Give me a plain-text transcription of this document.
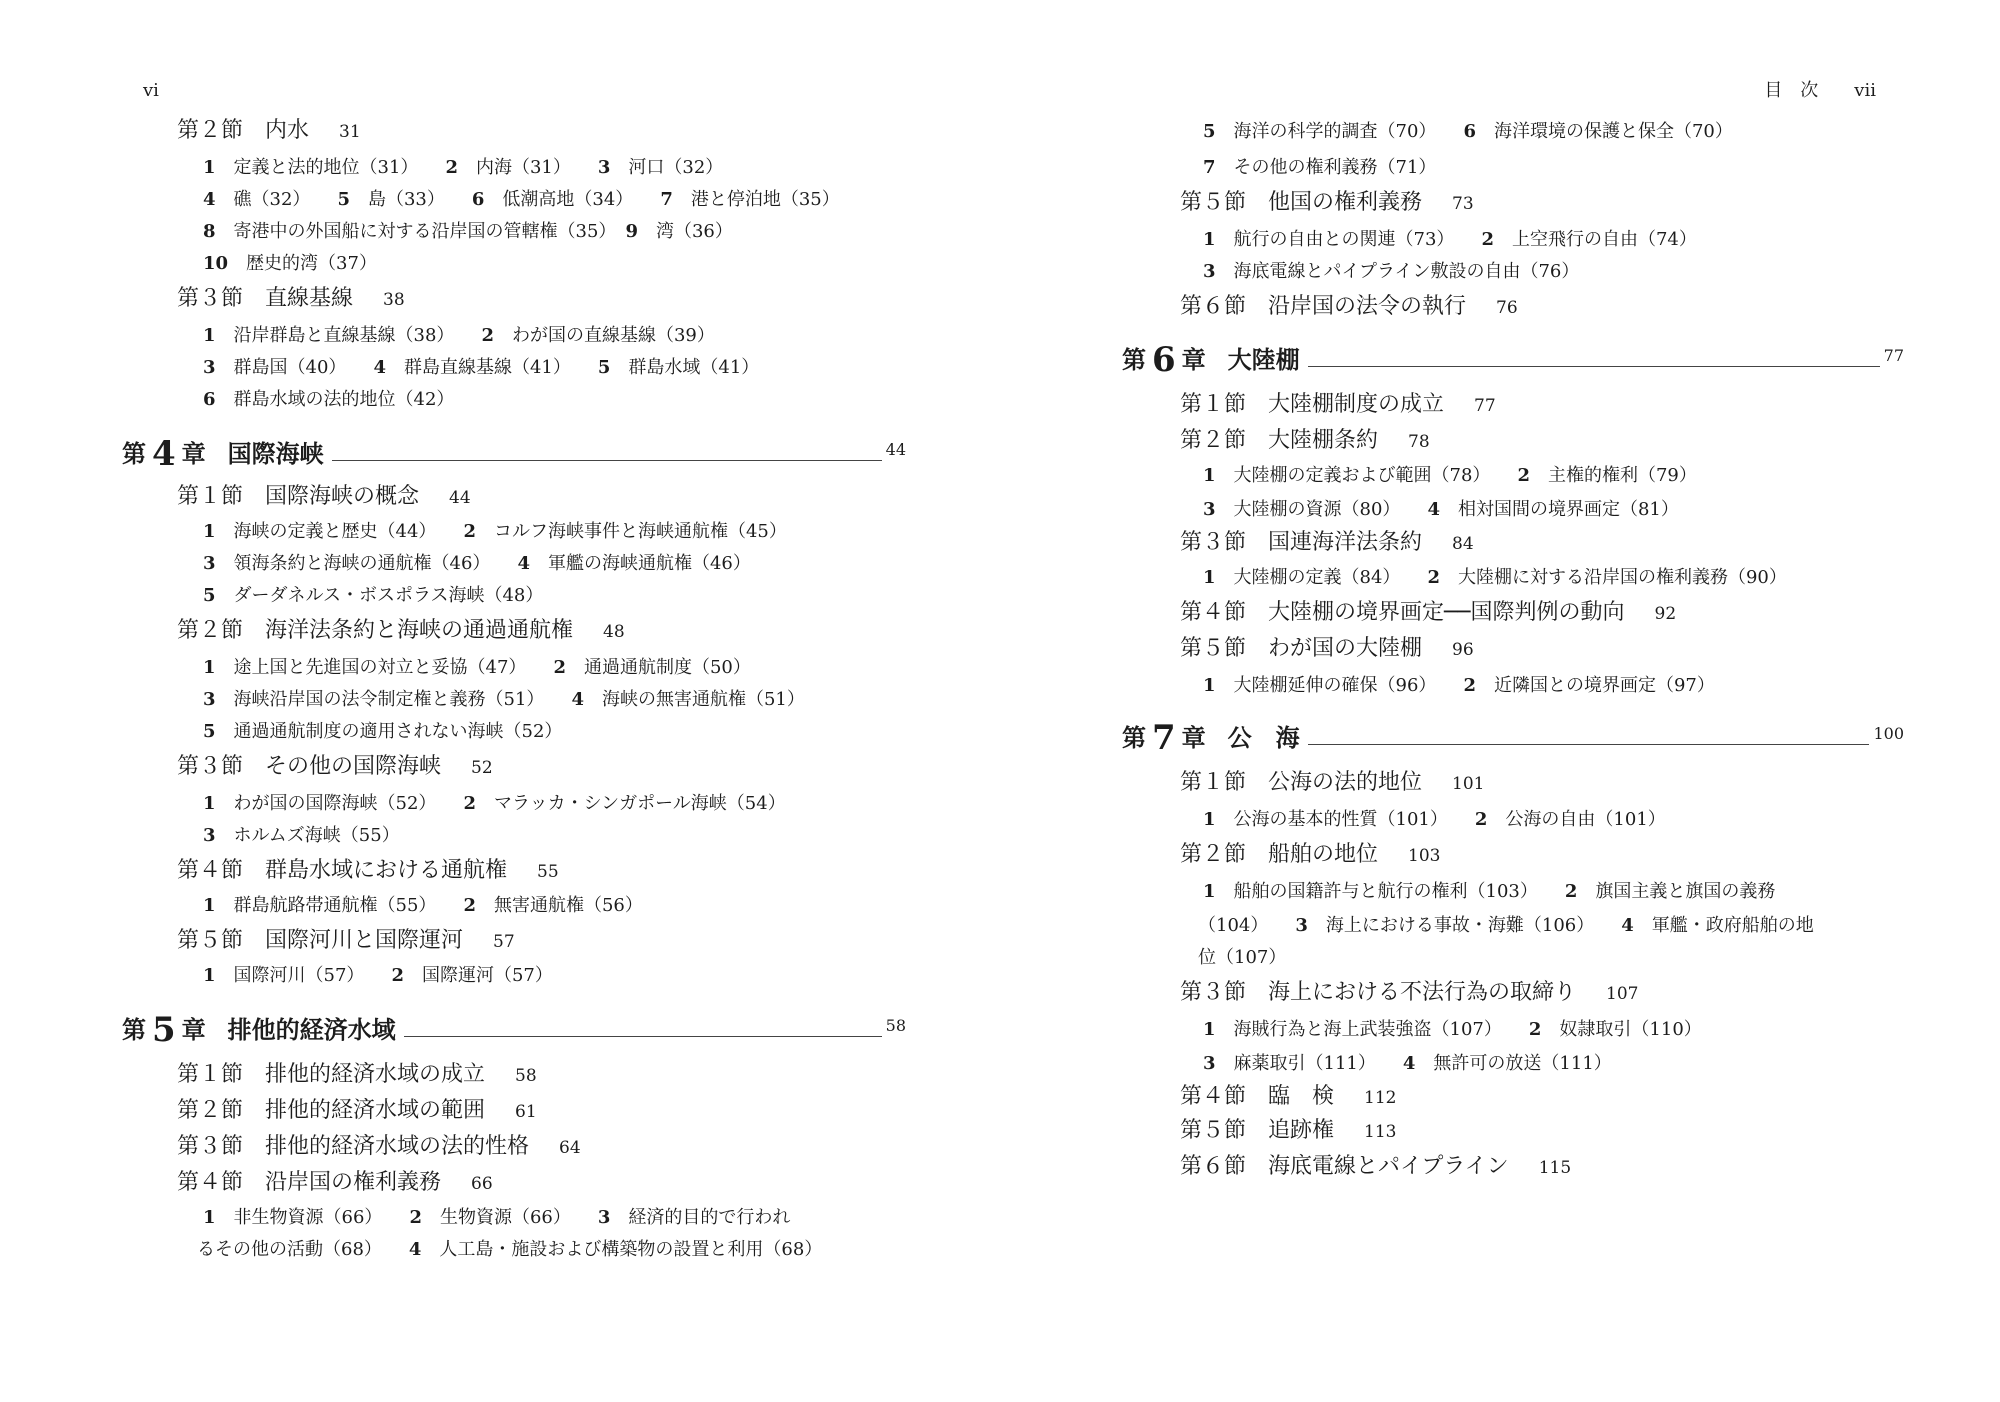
vi	目　次　　vii
第２節　内水 31
1　定義と法的地位（31）　　2　内海（31）　　3　河口（32）
4　礁（32）　　5　島（33）　　6　低潮高地（34）　　7　港と停泊地（35）
8　寄港中の外国船に対する沿岸国の管轄権（35）　9　湾（36）
10　歴史的湾（37）
第３節　直線基線 38
1　沿岸群島と直線基線（38）　　2　わが国の直線基線（39）
3　群島国（40）　　4　群島直線基線（41）　　5　群島水域（41）
6　群島水域の法的地位（42）
第 4 章 国際海峡	44
第１節　国際海峡の概念 44
1　海峡の定義と歴史（44）　　2　コルフ海峡事件と海峡通航権（45）
3　領海条約と海峡の通航権（46）　　4　軍艦の海峡通航権（46）
5　ダーダネルス・ボスポラス海峡（48）
第２節　海洋法条約と海峡の通過通航権 48
1　途上国と先進国の対立と妥協（47）　　2　通過通航制度（50）
3　海峡沿岸国の法令制定権と義務（51）　　4　海峡の無害通航権（51）
5　通過通航制度の適用されない海峡（52）
第３節　その他の国際海峡 52
1　わが国の国際海峡（52）　　2　マラッカ・シンガポール海峡（54）
3　ホルムズ海峡（55）
第４節　群島水域における通航権 55
1　群島航路帯通航権（55）　　2　無害通航権（56）
第５節　国際河川と国際運河 57
1　国際河川（57）　　2　国際運河（57）
第 5 章 排他的経済水域	58
第１節　排他的経済水域の成立 58
第２節　排他的経済水域の範囲 61
第３節　排他的経済水域の法的性格 64
第４節　沿岸国の権利義務 66
1　非生物資源（66）　　2　生物資源（66）　　3　経済的目的で行われ
るその他の活動（68）　　4　人工島・施設および構築物の設置と利用（68）
5　海洋の科学的調査（70）　　6　海洋環境の保護と保全（70）
7　その他の権利義務（71）
第５節　他国の権利義務 73
1　航行の自由との関連（73）　　2　上空飛行の自由（74）
3　海底電線とパイプライン敷設の自由（76）
第６節　沿岸国の法令の執行 76
第 6 章 大陸棚	77
第１節　大陸棚制度の成立 77
第２節　大陸棚条約 78
1　大陸棚の定義および範囲（78）　　2　主権的権利（79）
3　大陸棚の資源（80）　　4　相対国間の境界画定（81）
第３節　国連海洋法条約 84
1　大陸棚の定義（84）　　2　大陸棚に対する沿岸国の権利義務（90）
第４節　大陸棚の境界画定──国際判例の動向 92
第５節　わが国の大陸棚 96
1　大陸棚延伸の確保（96）　　2　近隣国との境界画定（97）
第 7 章 公　海	100
第１節　公海の法的地位 101
1　公海の基本的性質（101）　　2　公海の自由（101）
第２節　船舶の地位 103
1　船舶の国籍許与と航行の権利（103）　　2　旗国主義と旗国の義務
（104）　　3　海上における事故・海難（106）　　4　軍艦・政府船舶の地
位（107）
第３節　海上における不法行為の取締り 107
1　海賊行為と海上武装強盗（107）　　2　奴隷取引（110）
3　麻薬取引（111）　　4　無許可の放送（111）
第４節　臨　検 112
第５節　追跡権 113
第６節　海底電線とパイプライン 115
